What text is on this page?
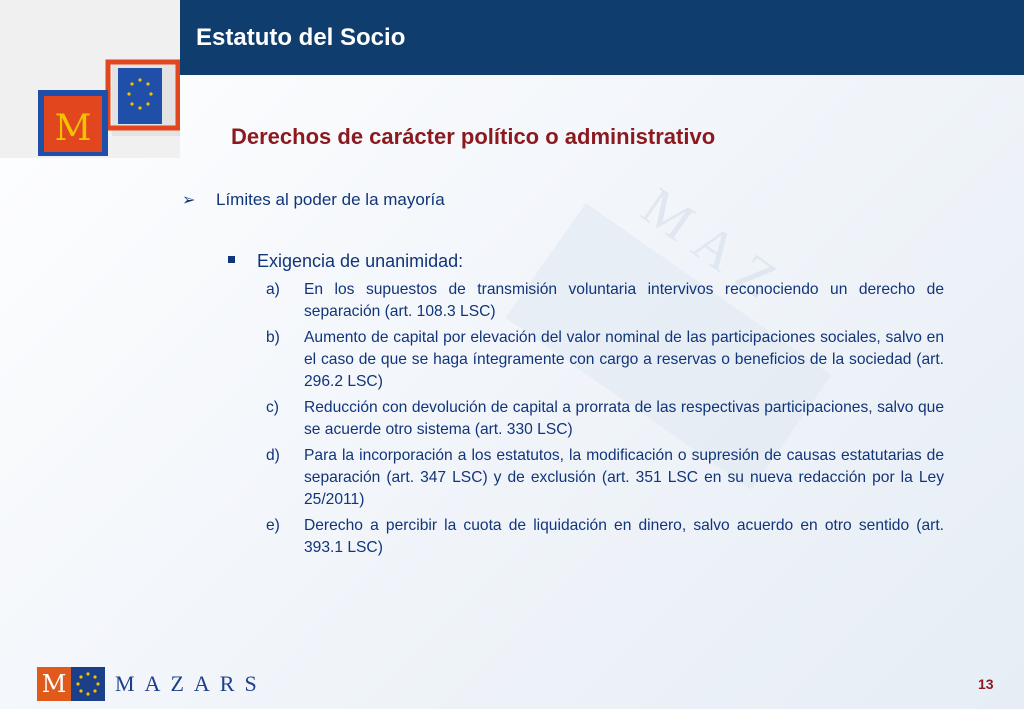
MAZ
M
Estatuto del Socio
Derechos de carácter político o administrativo
➢	Límites al poder de la mayoría
Exigencia de unanimidad:
a)	En los supuestos de transmisión voluntaria intervivos reconociendo un derecho de separación (art. 108.3 LSC)
b)	Aumento de capital por elevación del valor nominal de las participaciones sociales, salvo en el caso de que se haga íntegramente con cargo a reservas o beneficios de la sociedad (art. 296.2 LSC)
c)	Reducción con devolución de capital a prorrata de las respectivas participaciones, salvo que se acuerde otro sistema (art. 330 LSC)
d)	Para la incorporación a los estatutos, la modificación o supresión de causas estatutarias de separación (art. 347 LSC) y de exclusión (art. 351 LSC en su nueva redacción por la Ley 25/2011)
e)	Derecho a percibir la cuota de liquidación en dinero, salvo acuerdo en otro sentido (art. 393.1 LSC)
M MAZARS	13
